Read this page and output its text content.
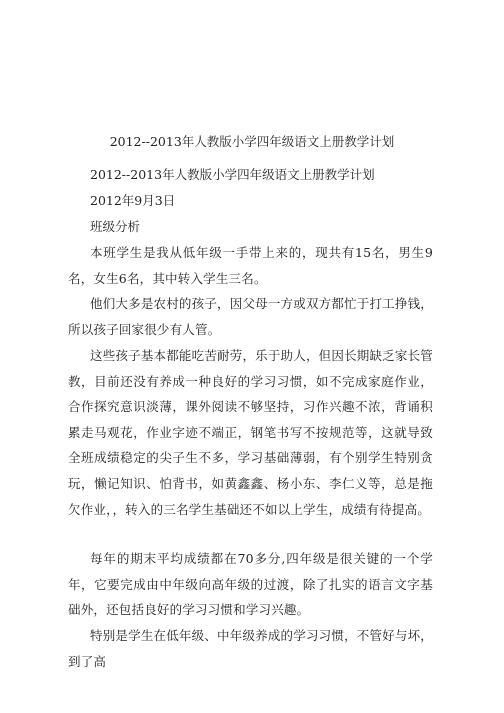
2012--2013年人教版小学四年级语文上册教学计划
2012--2013年人教版小学四年级语文上册教学计划
2012年9月3日
班级分析
本班学生是我从低年级一手带上来的，现共有15名，男生9名，女生6名，其中转入学生三名。
他们大多是农村的孩子，因父母一方或双方都忙于打工挣钱，所以孩子回家很少有人管。
这些孩子基本都能吃苦耐劳，乐于助人，但因长期缺乏家长管教，目前还没有养成一种良好的学习习惯，如不完成家庭作业，合作探究意识淡薄，课外阅读不够坚持，习作兴趣不浓，背诵积累走马观花，作业字迹不端正，钢笔书写不按规范等，这就导致全班成绩稳定的尖子生不多，学习基础薄弱，有个别学生特别贪玩，懒记知识、怕背书，如黄鑫鑫、杨小东、李仁义等，总是拖欠作业，，转入的三名学生基础还不如以上学生，成绩有待提高。
每年的期末平均成绩都在70多分,四年级是很关键的一个学年，它要完成由中年级向高年级的过渡，除了扎实的语言文字基础外，还包括良好的学习习惯和学习兴趣。
特别是学生在低年级、中年级养成的学习习惯，不管好与坏，到了高
